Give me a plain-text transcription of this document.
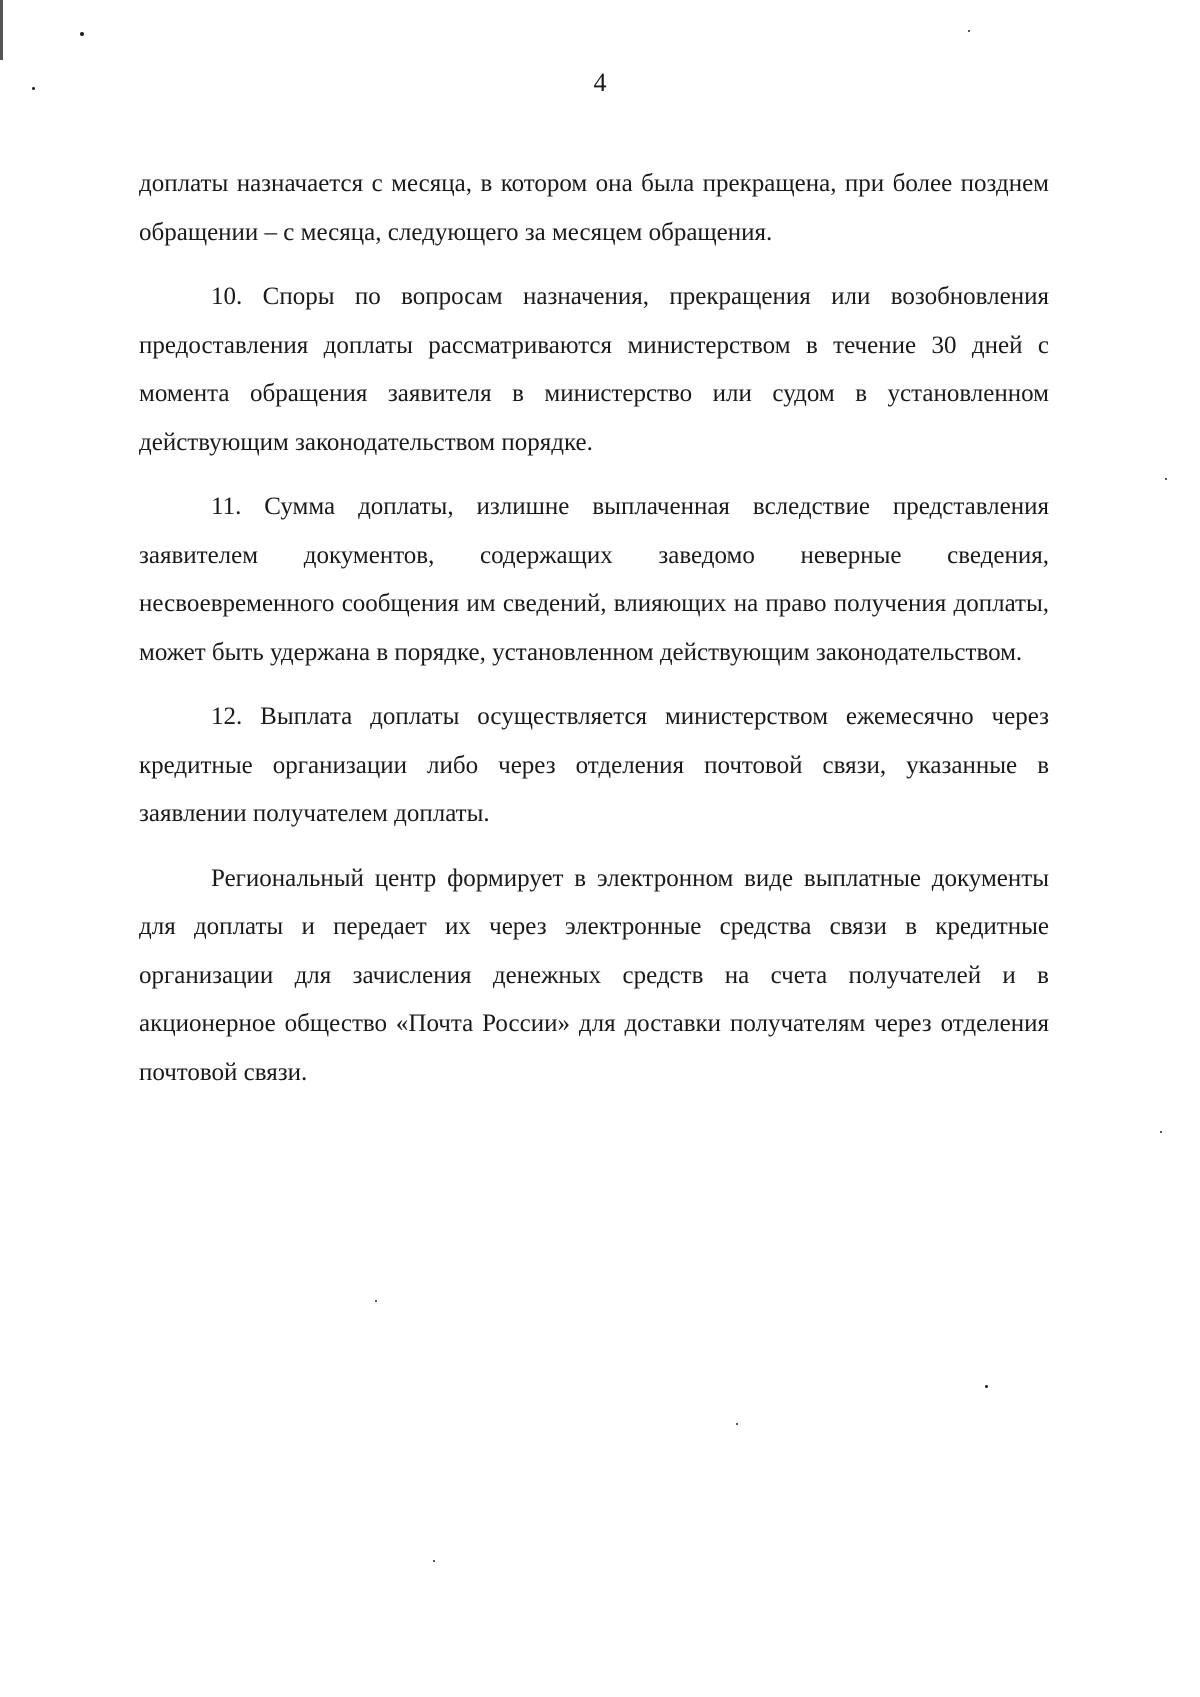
4

доплаты назначается с месяца, в котором она была прекращена, при более позднем обращении – с месяца, следующего за месяцем обращения.

10. Споры по вопросам назначения, прекращения или возобновления предоставления доплаты рассматриваются министерством в течение 30 дней с момента обращения заявителя в министерство или судом в установленном действующим законодательством порядке.

11. Сумма доплаты, излишне выплаченная вследствие представления заявителем документов, содержащих заведомо неверные сведения, несвоевременного сообщения им сведений, влияющих на право получения доплаты, может быть удержана в порядке, установленном действующим законодательством.

12. Выплата доплаты осуществляется министерством ежемесячно через кредитные организации либо через отделения почтовой связи, указанные в заявлении получателем доплаты.

Региональный центр формирует в электронном виде выплатные документы для доплаты и передает их через электронные средства связи в кредитные организации для зачисления денежных средств на счета получателей и в акционерное общество «Почта России» для доставки получателям через отделения почтовой связи.
